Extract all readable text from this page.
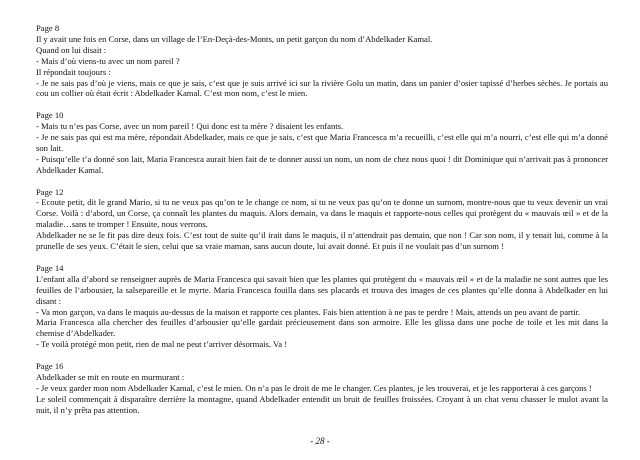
Page 8
Il y avait une fois en Corse, dans un village de l’En-Deçà-des-Monts, un petit garçon du nom d’Abdelkader Kamal.
Quand on lui disait :
- Mais d’où viens-tu avec un nom pareil ?
Il répondait toujours :
- Je ne sais pas d’où je viens, mais ce que je sais, c’est que je suis arrivé ici sur la rivière Golu un matin, dans un panier d’osier tapissé d’herbes sèches. Je portais au cou un collier où était écrit : Abdelkader Kamal. C’est mon nom, c’est le mien.
Page 10
- Mais tu n’es pas Corse, avec un nom pareil ! Qui donc est ta mère ? disaient les enfants.
- Je ne sais pas qui est ma mère, répondait Abdelkader, mais ce que je sais, c’est que Maria Francesca m’a recueilli, c’est elle qui m’a nourri, c’est elle qui m’a donné son lait.
- Puisqu’elle t’a donné son lait, Maria Francesca aurait bien fait de te donner aussi un nom, un nom de chez nous quoi ! dit Dominique qui n’arrivait pas à prononcer Abdelkader Kamal.
Page 12
- Ecoute petit, dit le grand Mario, si tu ne veux pas qu’on te le change ce nom, si tu ne veux pas qu’on te donne un surnom, montre-nous que tu veux devenir un vrai Corse. Voilà : d’abord, un Corse, ça connaît les plantes du maquis. Alors demain, va dans le maquis et rapporte-nous celles qui protègent du « mauvais œil » et de la maladie…sans te tromper ! Ensuite, nous verrons.
Abdelkader ne se le fit pas dire deux fois. C’est tout de suite qu’il irait dans le maquis, il n’attendrait pas demain, que non ! Car son nom, il y tenait lui, comme à la prunelle de ses yeux. C’était le sien, celui que sa vraie maman, sans aucun doute, lui avait donné. Et puis il ne voulait pas d’un surnom !
Page 14
L’enfant alla d’abord se renseigner auprès de Maria Francesca qui savait bien que les plantes qui protègent du « mauvais œil » et de la maladie ne sont autres que les feuilles de l’arbousier, la salsepareille et le myrte. Maria Francesca fouilla dans ses placards et trouva des images de ces plantes qu’elle donna à Abdelkader en lui disant :
- Va mon garçon, va dans le maquis au-dessus de la maison et rapporte ces plantes. Fais bien attention à ne pas te perdre ! Mais, attends un peu avant de partir.
Maria Francesca alla chercher des feuilles d’arbousier qu’elle gardait précieusement dans son armoire. Elle les glissa dans une poche de toile et les mit dans la chemise d’Abdelkader.
- Te voilà protégé mon petit, rien de mal ne peut t’arriver désormais. Va !
Page 16
Abdelkader se mit en route en murmurant :
- Je veux garder mon nom Abdelkader Kamal, c’est le mien. On n’a pas le droit de me le changer. Ces plantes, je les trouverai, et je les rapporterai à ces garçons !
Le soleil commençait à disparaître derrière la montagne, quand Abdelkader entendit un bruit de feuilles froissées. Croyant à un chat venu chasser le mulot avant la nuit, il n’y prêta pas attention.
- 28 -
